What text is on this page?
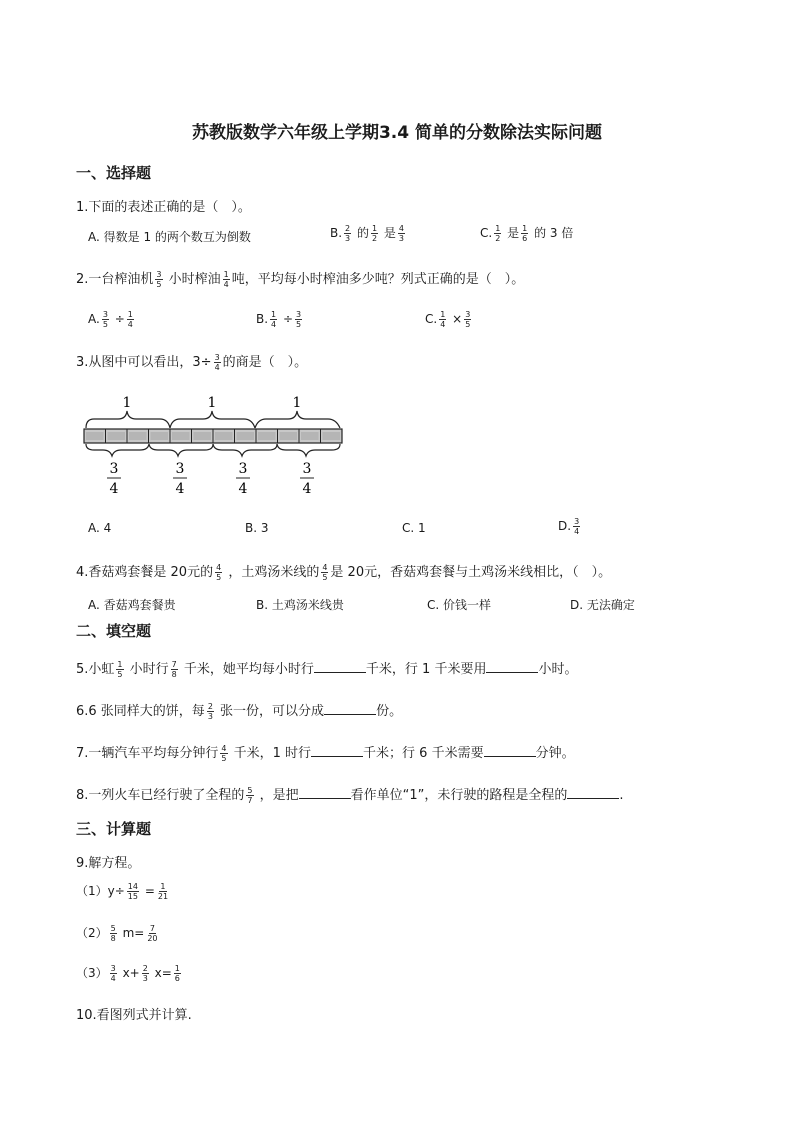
苏教版数学六年级上学期3.4 简单的分数除法实际问题
一、选择题
1.下面的表述正确的是（　）。
A. 得数是 1 的两个数互为倒数	B. $\frac{2}{3}$ 的 $\frac{1}{2}$ 是 $\frac{4}{3}$	C. $\frac{1}{2}$ 是 $\frac{1}{6}$ 的 3 倍
2.一台榨油机 $\frac{3}{5}$ 小时榨油 $\frac{1}{4}$ 吨，平均每小时榨油多少吨？列式正确的是（　）。
A. $\frac{3}{5} \div \frac{1}{4}$	B. $\frac{1}{4} \div \frac{3}{5}$	C. $\frac{1}{4} \times \frac{3}{5}$
3.从图中可以看出，$3\div \frac{3}{4}$ 的商是（　）。
1	1	1
3
4
3
4
3
4
3
4
A. 4	B. 3	C. 1	D. $\frac{3}{4}$
4.香菇鸡套餐是 20元的 $\frac{4}{5}$ ，土鸡汤米线的 $\frac{4}{5}$ 是 20元，香菇鸡套餐与土鸡汤米线相比，（　）。
A. 香菇鸡套餐贵	B. 土鸡汤米线贵	C. 价钱一样	D. 无法确定
二、填空题
5.小虹 $\frac{1}{5}$ 小时行 $\frac{7}{8}$ 千米，她平均每小时行	千米，行 1 千米要用	小时。
6.6 张同样大的饼，每 $\frac{2}{3}$ 张一份，可以分成	份。
7.一辆汽车平均每分钟行 $\frac{4}{5}$ 千米，1 时行	千米；行 6 千米需要	分钟。
8.一列火车已经行驶了全程的 $\frac{5}{7}$ ，是把	看作单位“1”，未行驶的路程是全程的	.
三、计算题
9.解方程。
$(1)y\div \frac{14}{15} = \frac{1}{21}$
$(2) \frac{5}{8} m= \frac{7}{20}$
$(3) \frac{3}{4} x+ \frac{2}{3} x= \frac{1}{6}$
10.看图列式并计算.
